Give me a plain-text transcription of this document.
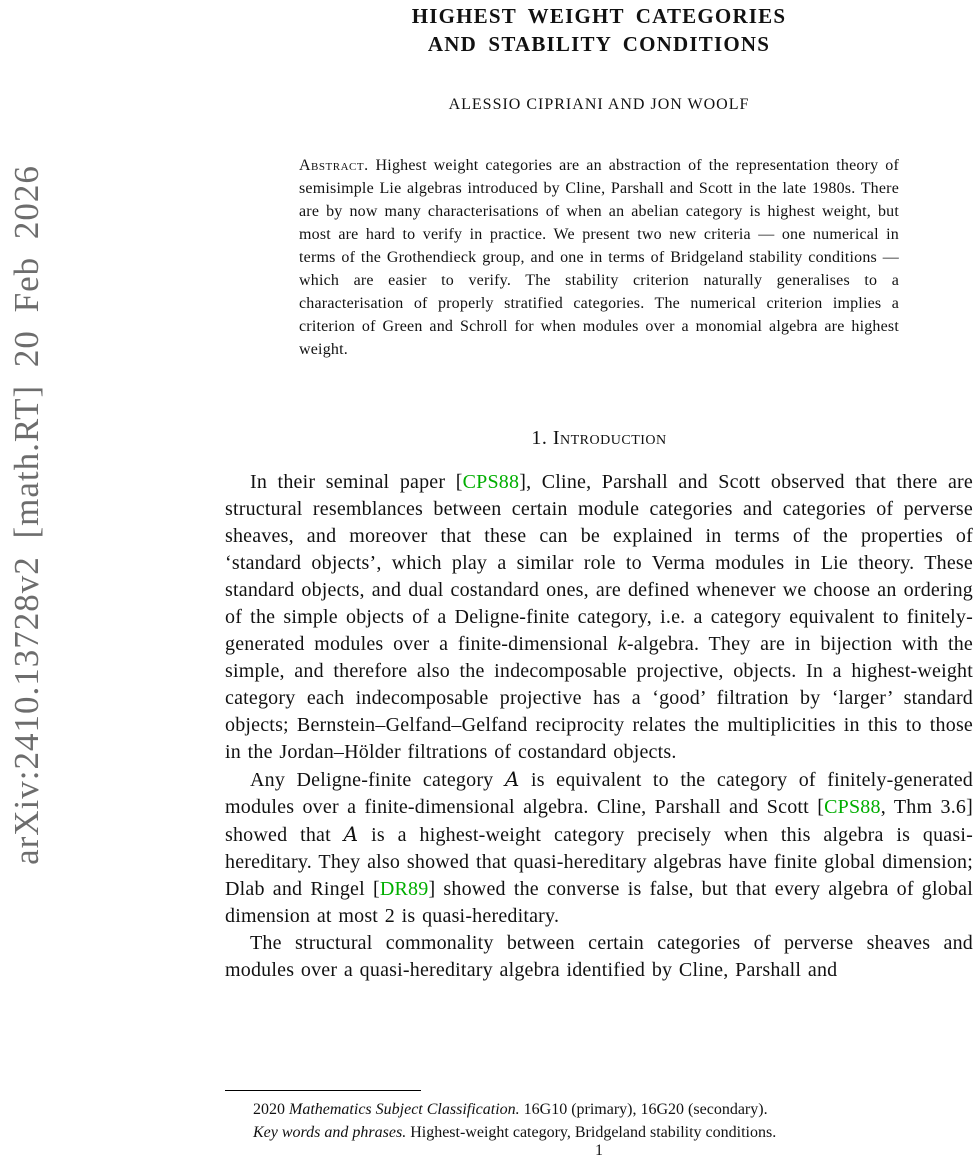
arXiv:2410.13728v2 [math.RT] 20 Feb 2026
HIGHEST WEIGHT CATEGORIES
AND STABILITY CONDITIONS
ALESSIO CIPRIANI AND JON WOOLF
Abstract. Highest weight categories are an abstraction of the representation theory of semisimple Lie algebras introduced by Cline, Parshall and Scott in the late 1980s. There are by now many characterisations of when an abelian category is highest weight, but most are hard to verify in practice. We present two new criteria — one numerical in terms of the Grothendieck group, and one in terms of Bridgeland stability conditions — which are easier to verify. The stability criterion naturally generalises to a characterisation of properly stratified categories. The numerical criterion implies a criterion of Green and Schroll for when modules over a monomial algebra are highest weight.
1. Introduction

In their seminal paper [CPS88], Cline, Parshall and Scott observed that there are structural resemblances between certain module categories and categories of perverse sheaves, and moreover that these can be explained in terms of the properties of ‘standard objects’, which play a similar role to Verma modules in Lie theory. These standard objects, and dual costandard ones, are defined whenever we choose an ordering of the simple objects of a Deligne-finite category, i.e. a category equivalent to finitely-generated modules over a finite-dimensional k-algebra. They are in bijection with the simple, and therefore also the indecomposable projective, objects. In a highest-weight category each indecomposable projective has a ‘good’ filtration by ‘larger’ standard objects; Bernstein–Gelfand–Gelfand reciprocity relates the multiplicities in this to those in the Jordan–Hölder filtrations of costandard objects.

Any Deligne-finite category A is equivalent to the category of finitely-generated modules over a finite-dimensional algebra. Cline, Parshall and Scott [CPS88, Thm 3.6] showed that A is a highest-weight category precisely when this algebra is quasi-hereditary. They also showed that quasi-hereditary algebras have finite global dimension; Dlab and Ringel [DR89] showed the converse is false, but that every algebra of global dimension at most 2 is quasi-hereditary.

The structural commonality between certain categories of perverse sheaves and modules over a quasi-hereditary algebra identified by Cline, Parshall and

2020 Mathematics Subject Classification. 16G10 (primary), 16G20 (secondary).

Key words and phrases. Highest-weight category, Bridgeland stability conditions.

1
